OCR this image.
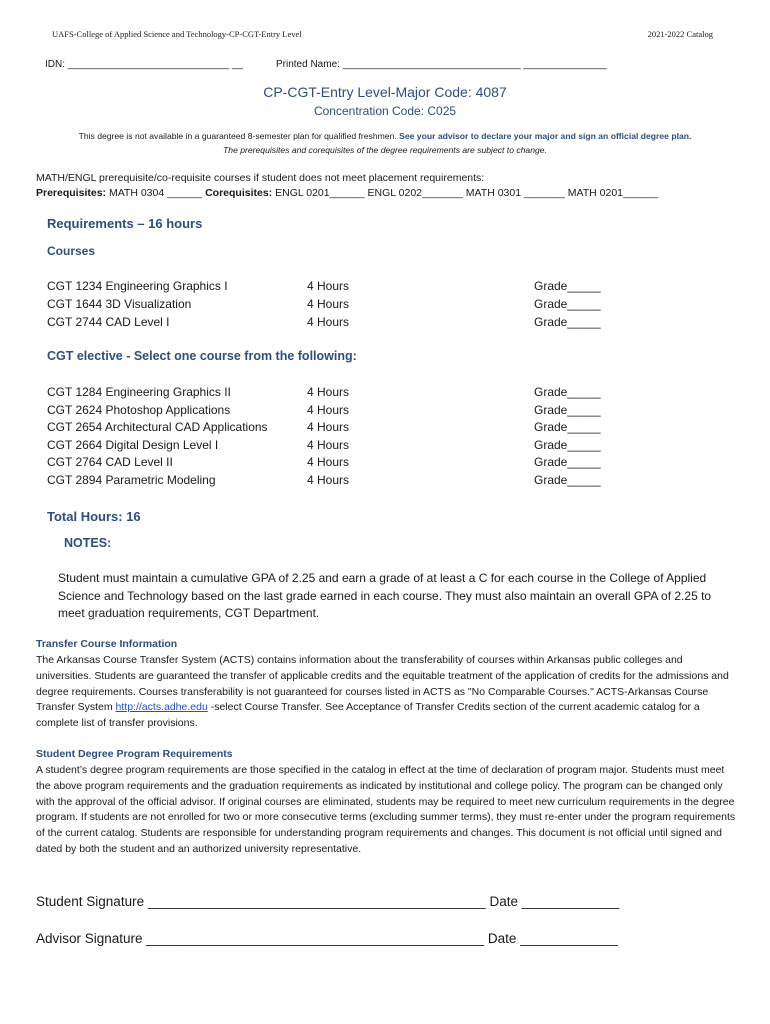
UAFS-College of Applied Science and Technology-CP-CGT-Entry Level	2021-2022 Catalog
IDN: _____________________________ __	Printed Name: ________________________________ _______________
CP-CGT-Entry Level-Major Code: 4087
Concentration Code: C025
This degree is not available in a guaranteed 8-semester plan for qualified freshmen. See your advisor to declare your major and sign an official degree plan.
The prerequisites and corequisites of the degree requirements are subject to change.
MATH/ENGL prerequisite/co-requisite courses if student does not meet placement requirements:
Prerequisites: MATH 0304 ______ Corequisites: ENGL 0201______ ENGL 0202_______ MATH 0301 _______ MATH 0201______
Requirements – 16 hours
Courses
CGT 1234 Engineering Graphics I	4 Hours	Grade_____
CGT 1644 3D Visualization	4 Hours	Grade_____
CGT 2744 CAD Level I	4 Hours	Grade_____
CGT elective - Select one course from the following:
CGT 1284 Engineering Graphics II	4 Hours	Grade_____
CGT 2624 Photoshop Applications	4 Hours	Grade_____
CGT 2654 Architectural CAD Applications	4 Hours	Grade_____
CGT 2664 Digital Design Level I	4 Hours	Grade_____
CGT 2764 CAD Level II	4 Hours	Grade_____
CGT 2894 Parametric Modeling	4 Hours	Grade_____
Total Hours: 16
NOTES:
Student must maintain a cumulative GPA of 2.25 and earn a grade of at least a C for each course in the College of Applied Science and Technology based on the last grade earned in each course. They must also maintain an overall GPA of 2.25 to meet graduation requirements, CGT Department.
Transfer Course Information
The Arkansas Course Transfer System (ACTS) contains information about the transferability of courses within Arkansas public colleges and universities. Students are guaranteed the transfer of applicable credits and the equitable treatment of the application of credits for the admissions and degree requirements. Courses transferability is not guaranteed for courses listed in ACTS as "No Comparable Courses." ACTS-Arkansas Course Transfer System http://acts.adhe.edu -select Course Transfer. See Acceptance of Transfer Credits section of the current academic catalog for a complete list of transfer provisions.
Student Degree Program Requirements
A student’s degree program requirements are those specified in the catalog in effect at the time of declaration of program major. Students must meet the above program requirements and the graduation requirements as indicated by institutional and college policy. The program can be changed only with the approval of the official advisor. If original courses are eliminated, students may be required to meet new curriculum requirements in the degree program. If students are not enrolled for two or more consecutive terms (excluding summer terms), they must re-enter under the program requirements of the current catalog. Students are responsible for understanding program requirements and changes. This document is not official until signed and dated by both the student and an authorized university representative.
Student Signature _____________________________________________ Date _____________
Advisor Signature _____________________________________________ Date _____________
